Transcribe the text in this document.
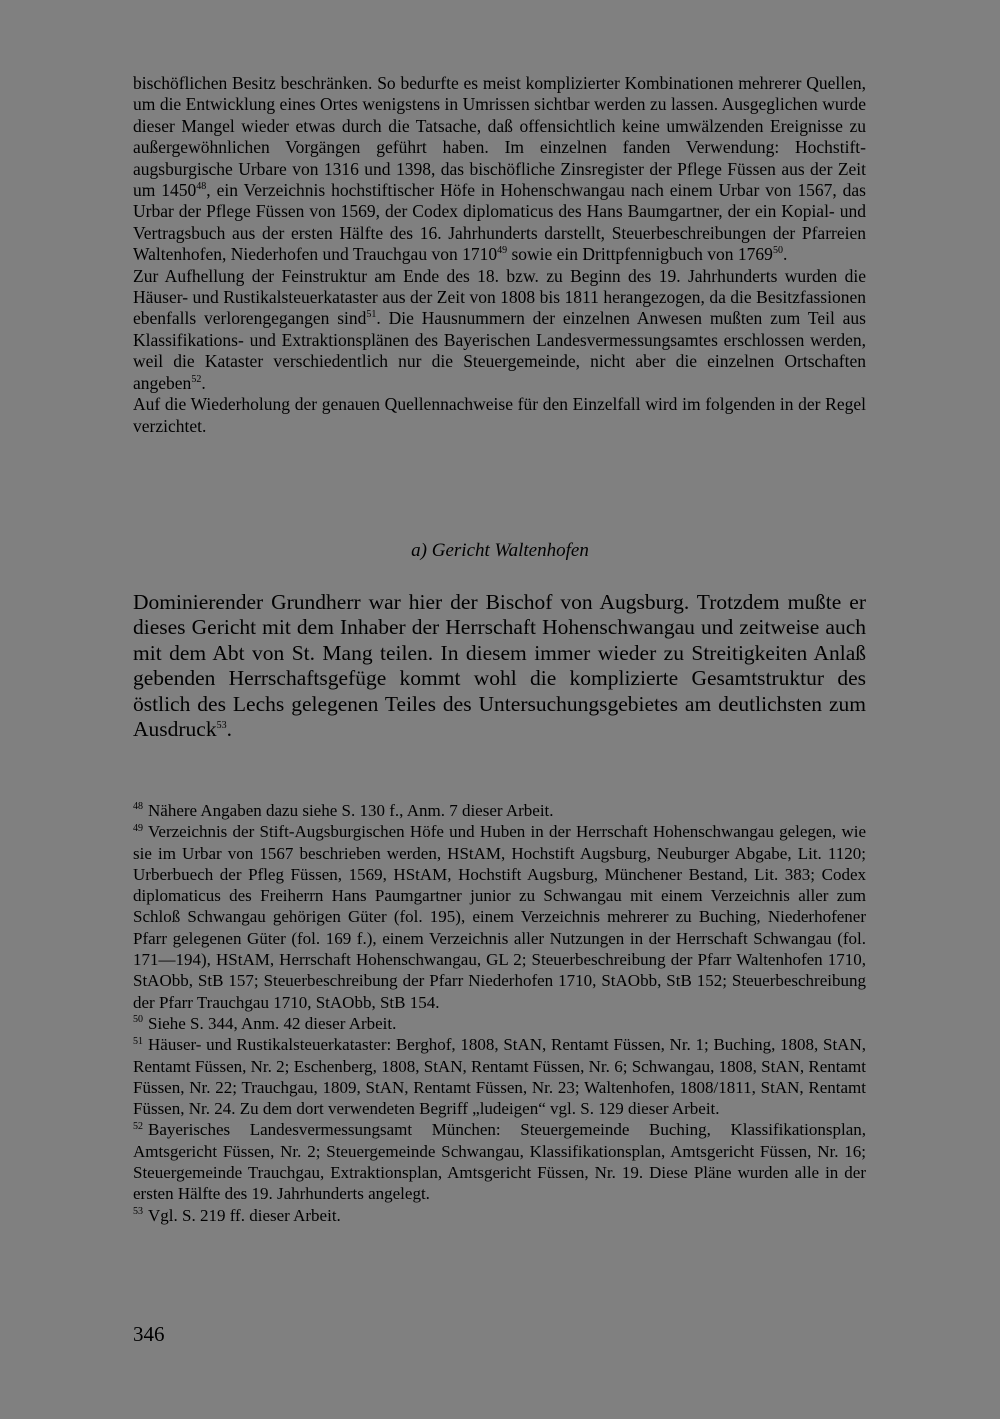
bischöflichen Besitz beschränken. So bedurfte es meist komplizierter Kombinationen mehrerer Quellen, um die Entwicklung eines Ortes wenigstens in Umrissen sichtbar werden zu lassen. Ausgeglichen wurde dieser Mangel wieder etwas durch die Tatsache, daß offensichtlich keine umwälzenden Ereignisse zu außergewöhnlichen Vorgängen geführt haben. Im einzelnen fanden Verwendung: Hochstift-augsburgische Urbare von 1316 und 1398, das bischöfliche Zinsregister der Pflege Füssen aus der Zeit um 1450$^{48}$, ein Verzeichnis hochstiftischer Höfe in Hohenschwangau nach einem Urbar von 1567, das Urbar der Pflege Füssen von 1569, der Codex diplomaticus des Hans Baumgartner, der ein Kopial- und Vertragsbuch aus der ersten Hälfte des 16. Jahrhunderts darstellt, Steuerbeschreibungen der Pfarreien Waltenhofen, Niederhofen und Trauchgau von 1710$^{49}$ sowie ein Drittpfennigbuch von 1769$^{50}$.

Zur Aufhellung der Feinstruktur am Ende des 18. bzw. zu Beginn des 19. Jahrhunderts wurden die Häuser- und Rustikalsteuerkataster aus der Zeit von 1808 bis 1811 herangezogen, da die Besitzfassionen ebenfalls verlorengegangen sind$^{51}$. Die Hausnummern der einzelnen Anwesen mußten zum Teil aus Klassifikations- und Extraktionsplänen des Bayerischen Landesvermessungsamtes erschlossen werden, weil die Kataster verschiedentlich nur die Steuergemeinde, nicht aber die einzelnen Ortschaften angeben$^{52}$.

Auf die Wiederholung der genauen Quellennachweise für den Einzelfall wird im folgenden in der Regel verzichtet.

a) Gericht Waltenhofen
Dominierender Grundherr war hier der Bischof von Augsburg. Trotzdem mußte er dieses Gericht mit dem Inhaber der Herrschaft Hohenschwangau und zeitweise auch mit dem Abt von St. Mang teilen. In diesem immer wieder zu Streitigkeiten Anlaß gebenden Herrschaftsgefüge kommt wohl die komplizierte Gesamtstruktur des östlich des Lechs gelegenen Teiles des Untersuchungsgebietes am deutlichsten zum Ausdruck$^{53}$.

$^{48}$ Nähere Angaben dazu siehe S. 130 f., Anm. 7 dieser Arbeit.

$^{49}$ Verzeichnis der Stift-Augsburgischen Höfe und Huben in der Herrschaft Hohenschwangau gelegen, wie sie im Urbar von 1567 beschrieben werden, HStAM, Hochstift Augsburg, Neuburger Abgabe, Lit. 1120; Urberbuech der Pfleg Füssen, 1569, HStAM, Hochstift Augsburg, Münchener Bestand, Lit. 383; Codex diplomaticus des Freiherrn Hans Paumgartner junior zu Schwangau mit einem Verzeichnis aller zum Schloß Schwangau gehörigen Güter (fol. 195), einem Verzeichnis mehrerer zu Buching, Niederhofener Pfarr gelegenen Güter (fol. 169 f.), einem Verzeichnis aller Nutzungen in der Herrschaft Schwangau (fol. 171—194), HStAM, Herrschaft Hohenschwangau, GL 2; Steuerbeschreibung der Pfarr Waltenhofen 1710, StAObb, StB 157; Steuerbeschreibung der Pfarr Niederhofen 1710, StAObb, StB 152; Steuerbeschreibung der Pfarr Trauchgau 1710, StAObb, StB 154.

$^{50}$ Siehe S. 344, Anm. 42 dieser Arbeit.

$^{51}$ Häuser- und Rustikalsteuerkataster: Berghof, 1808, StAN, Rentamt Füssen, Nr. 1; Buching, 1808, StAN, Rentamt Füssen, Nr. 2; Eschenberg, 1808, StAN, Rentamt Füssen, Nr. 6; Schwangau, 1808, StAN, Rentamt Füssen, Nr. 22; Trauchgau, 1809, StAN, Rentamt Füssen, Nr. 23; Waltenhofen, 1808/1811, StAN, Rentamt Füssen, Nr. 24. Zu dem dort verwendeten Begriff „ludeigen“ vgl. S. 129 dieser Arbeit.

$^{52}$ Bayerisches Landesvermessungsamt München: Steuergemeinde Buching, Klassifikationsplan, Amtsgericht Füssen, Nr. 2; Steuergemeinde Schwangau, Klassifikationsplan, Amtsgericht Füssen, Nr. 16; Steuergemeinde Trauchgau, Extraktionsplan, Amtsgericht Füssen, Nr. 19. Diese Pläne wurden alle in der ersten Hälfte des 19. Jahrhunderts angelegt.

$^{53}$ Vgl. S. 219 ff. dieser Arbeit.

346
